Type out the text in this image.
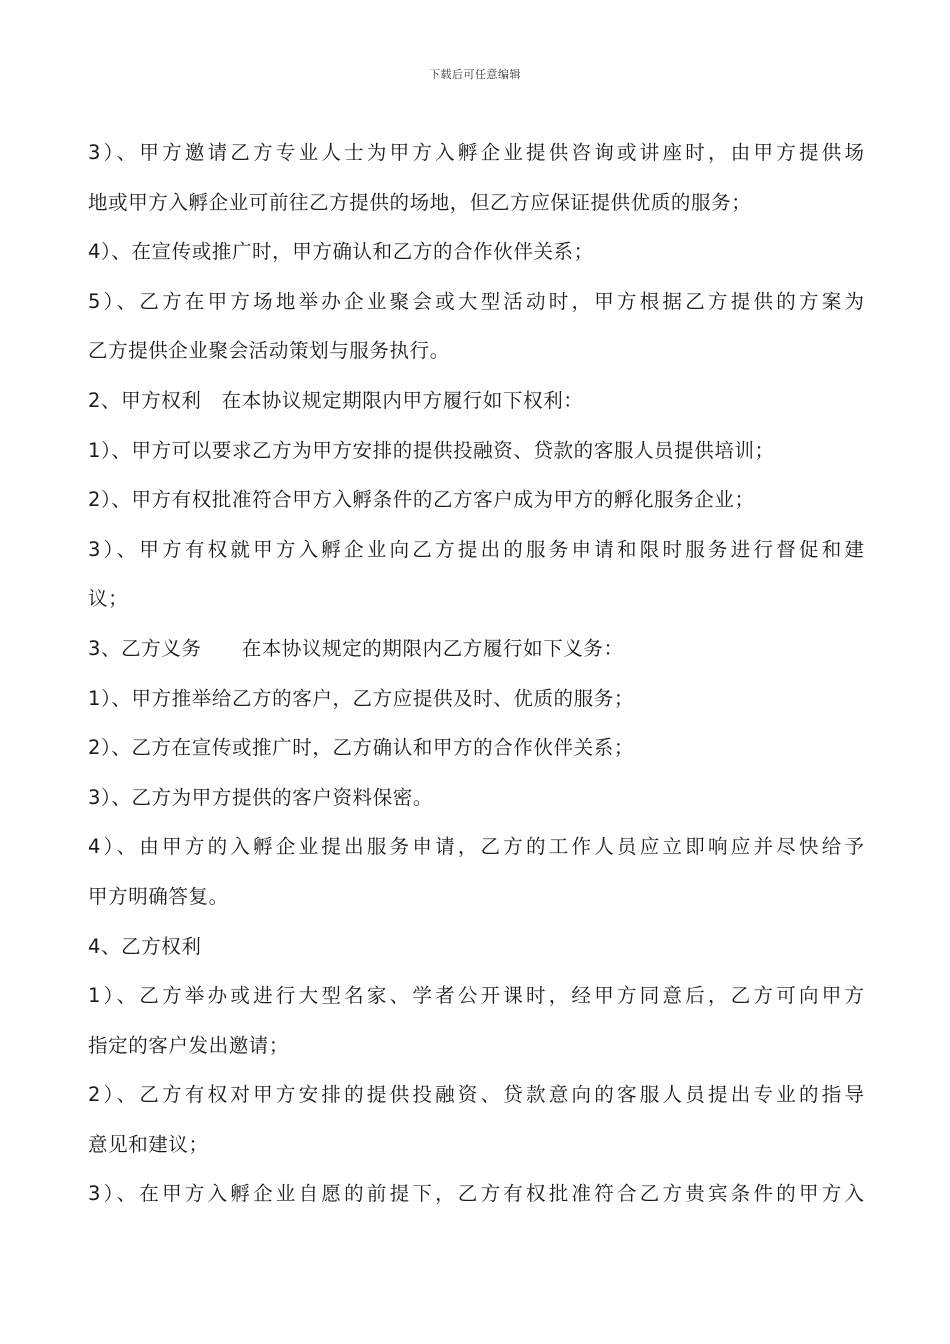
下载后可任意编辑
3）、甲方邀请乙方专业人士为甲方入孵企业提供咨询或讲座时，由甲方提供场
地或甲方入孵企业可前往乙方提供的场地，但乙方应保证提供优质的服务；
4）、在宣传或推广时，甲方确认和乙方的合作伙伴关系；
5）、乙方在甲方场地举办企业聚会或大型活动时，甲方根据乙方提供的方案为
乙方提供企业聚会活动策划与服务执行。
2、甲方权利　在本协议规定期限内甲方履行如下权利：
1）、甲方可以要求乙方为甲方安排的提供投融资、贷款的客服人员提供培训；
2）、甲方有权批准符合甲方入孵条件的乙方客户成为甲方的孵化服务企业；
3）、甲方有权就甲方入孵企业向乙方提出的服务申请和限时服务进行督促和建
议；
3、乙方义务　　在本协议规定的期限内乙方履行如下义务：
1）、甲方推举给乙方的客户，乙方应提供及时、优质的服务；
2）、乙方在宣传或推广时，乙方确认和甲方的合作伙伴关系；
3）、乙方为甲方提供的客户资料保密。
4）、由甲方的入孵企业提出服务申请，乙方的工作人员应立即响应并尽快给予
甲方明确答复。
4、乙方权利
1）、乙方举办或进行大型名家、学者公开课时，经甲方同意后，乙方可向甲方
指定的客户发出邀请；
2）、乙方有权对甲方安排的提供投融资、贷款意向的客服人员提出专业的指导
意见和建议；
3）、在甲方入孵企业自愿的前提下，乙方有权批准符合乙方贵宾条件的甲方入
